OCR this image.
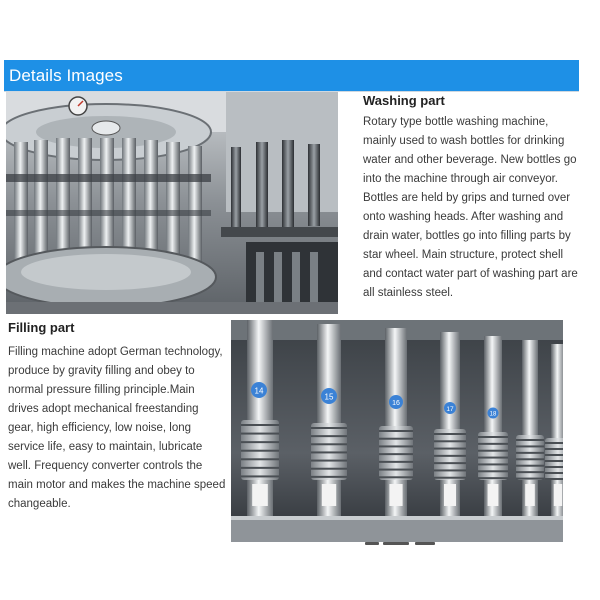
Details Images
Washing part
Rotary type bottle washing machine, mainly used to wash bottles for drinking water and other beverage. New bottles go into the machine through air conveyor. Bottles are held by grips and turned over onto washing heads. After washing and drain water, bottles go into filling parts by star wheel. Main structure, protect shell and contact water part of washing part are all stainless steel.
Filling part
Filling machine adopt German technology, produce by gravity filling and obey to normal pressure filling principle.Main drives adopt mechanical freestanding gear, high efficiency, low noise, long service life, easy to maintain, lubricate well. Frequency converter controls the main motor and makes the machine speed changeable.
14
15
16
17
18
